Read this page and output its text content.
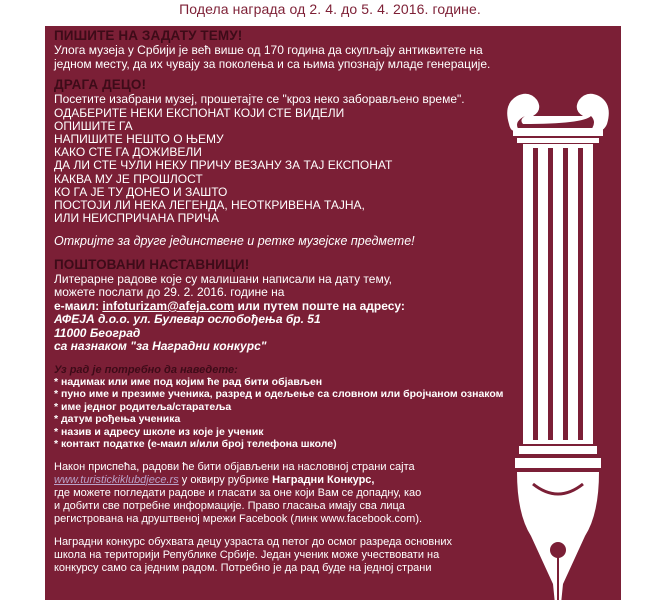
Подела награда од 2. 4. до 5. 4. 2016. године.

ПИШИТЕ НА ЗАДАТУ ТЕМУ!

Улога музеја у Србији је већ више од 170 година да скупљају антиквитете на

једном месту, да их чувају за поколења и са њима упознају младе генерације.

ДРАГА ДЕЦО!

Посетите изабрани музеј, прошетајте се "кроз неко заборављено време".

ОДАБЕРИТЕ НЕКИ ЕКСПОНАТ КОЈИ СТЕ ВИДЕЛИ

ОПИШИТЕ ГА

НАПИШИТЕ НЕШТО О ЊЕМУ

КАКО СТЕ ГА ДОЖИВЕЛИ

ДА ЛИ СТЕ ЧУЛИ НЕКУ ПРИЧУ ВЕЗАНУ ЗА ТАЈ ЕКСПОНАТ

КАКВА МУ ЈЕ ПРОШЛОСТ

КО ГА ЈЕ ТУ ДОНЕО И ЗАШТО

ПОСТОЈИ ЛИ НЕКА ЛЕГЕНДА, НЕОТКРИВЕНА ТАЈНА,

ИЛИ НЕИСПРИЧАНА ПРИЧА

Откријте за друге јединствене и ретке музејске предмете!

ПОШТОВАНИ НАСТАВНИЦИ!

Литерарне радове које су малишани написали на дату тему,

можете послати до 29. 2. 2016. године на

е-маил: infoturizam@afeja.com или путем поште на адресу:

АФЕЈА д.о.о. ул. Булевар ослобођења бр. 51

11000 Београд

са назнаком "за Наградни конкурс"

Уз рад је потребно да наведете:

* надимак или име под којим ће рад бити објављен

* пуно име и презиме ученика, разред и одељење са словном или бројчаном ознаком

* име једног родитеља/старатеља

* датум рођења ученика

* назив и адресу школе из које је ученик

* контакт податке (е-маил и/или број телефона школе)

Након приспећа, радови ће бити објављени на насловној страни сајта

www.turistickiklubdjece.rs у оквиру рубрике Наградни Конкурс,

где можете погледати радове и гласати за оне који Вам се допадну, као

и добити све потребне информације. Право гласања имају сва лица

регистрована на друштвеној мрежи Facebook (линк www.facebook.com).

Наградни конкурс обухвата децу узраста од петог до осмог разреда основних

школа на територији Републике Србије. Један ученик може учествовати на

конкурсу само са једним радом. Потребно је да рад буде на једној страни
